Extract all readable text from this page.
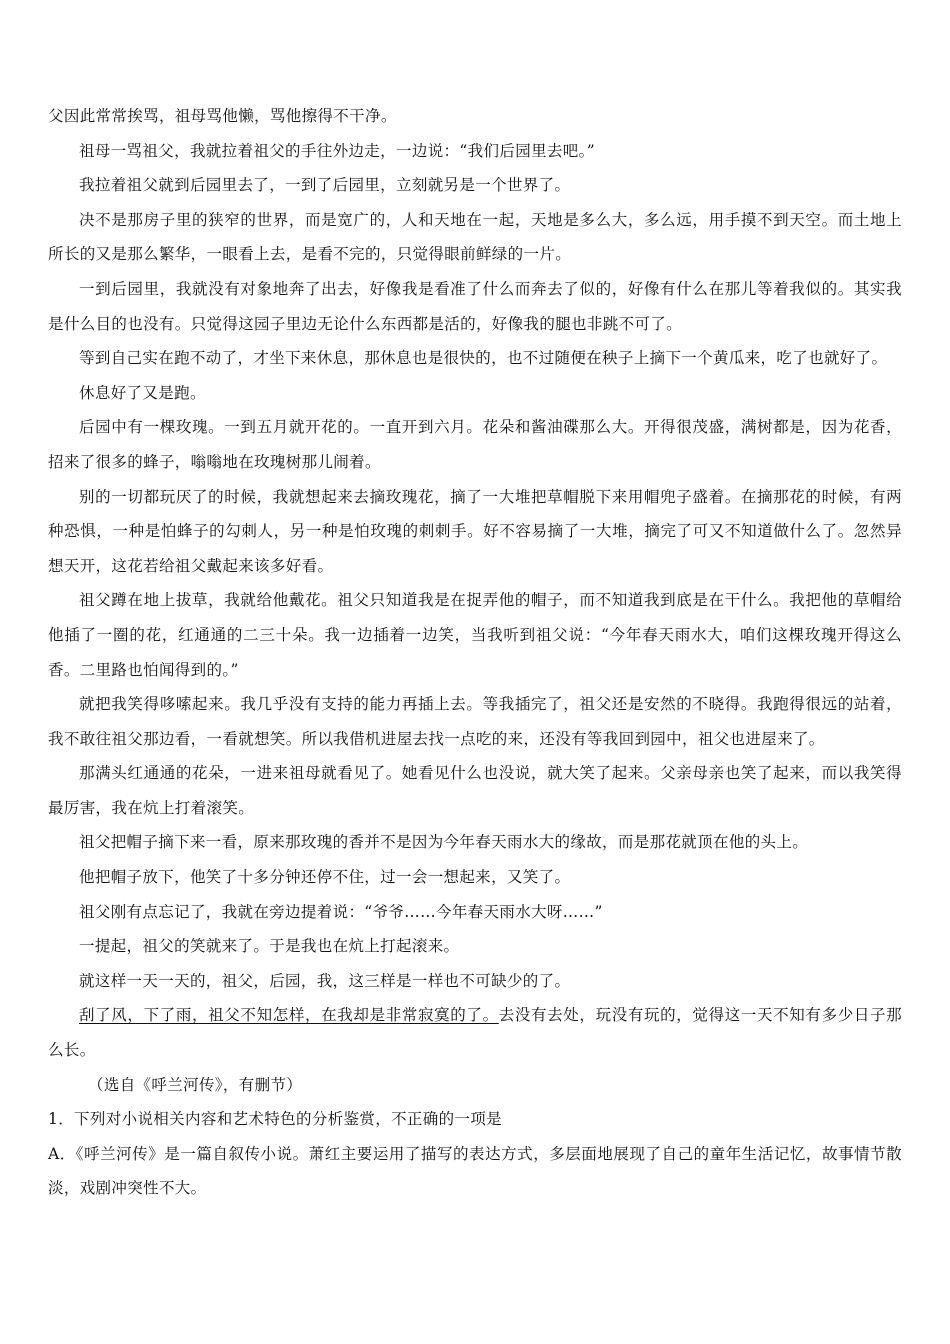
父因此常常挨骂，祖母骂他懒，骂他擦得不干净。

祖母一骂祖父，我就拉着祖父的手往外边走，一边说：“我们后园里去吧。”

我拉着祖父就到后园里去了，一到了后园里，立刻就另是一个世界了。

决不是那房子里的狭窄的世界，而是宽广的，人和天地在一起，天地是多么大，多么远，用手摸不到天空。而土地上所长的又是那么繁华，一眼看上去，是看不完的，只觉得眼前鲜绿的一片。

一到后园里，我就没有对象地奔了出去，好像我是看准了什么而奔去了似的，好像有什么在那儿等着我似的。其实我是什么目的也没有。只觉得这园子里边无论什么东西都是活的，好像我的腿也非跳不可了。

等到自己实在跑不动了，才坐下来休息，那休息也是很快的，也不过随便在秧子上摘下一个黄瓜来，吃了也就好了。

休息好了又是跑。

后园中有一棵玫瑰。一到五月就开花的。一直开到六月。花朵和酱油碟那么大。开得很茂盛，满树都是，因为花香，招来了很多的蜂子，嗡嗡地在玫瑰树那儿闹着。

别的一切都玩厌了的时候，我就想起来去摘玫瑰花，摘了一大堆把草帽脱下来用帽兜子盛着。在摘那花的时候，有两种恐惧，一种是怕蜂子的勾刺人，另一种是怕玫瑰的刺刺手。好不容易摘了一大堆，摘完了可又不知道做什么了。忽然异想天开，这花若给祖父戴起来该多好看。

祖父蹲在地上拔草，我就给他戴花。祖父只知道我是在捉弄他的帽子，而不知道我到底是在干什么。我把他的草帽给他插了一圈的花，红通通的二三十朵。我一边插着一边笑，当我听到祖父说：“今年春天雨水大，咱们这棵玫瑰开得这么香。二里路也怕闻得到的。”

就把我笑得哆嗦起来。我几乎没有支持的能力再插上去。等我插完了，祖父还是安然的不晓得。我跑得很远的站着，我不敢往祖父那边看，一看就想笑。所以我借机进屋去找一点吃的来，还没有等我回到园中，祖父也进屋来了。

那满头红通通的花朵，一进来祖母就看见了。她看见什么也没说，就大笑了起来。父亲母亲也笑了起来，而以我笑得最厉害，我在炕上打着滚笑。

祖父把帽子摘下来一看，原来那玫瑰的香并不是因为今年春天雨水大的缘故，而是那花就顶在他的头上。

他把帽子放下，他笑了十多分钟还停不住，过一会一想起来，又笑了。

祖父刚有点忘记了，我就在旁边提着说：“爷爷……今年春天雨水大呀……”

一提起，祖父的笑就来了。于是我也在炕上打起滚来。

就这样一天一天的，祖父，后园，我，这三样是一样也不可缺少的了。

刮了风，下了雨，祖父不知怎样，在我却是非常寂寞的了。去没有去处，玩没有玩的，觉得这一天不知有多少日子那么长。

（选自《呼兰河传》，有删节）

1．下列对小说相关内容和艺术特色的分析鉴赏，不正确的一项是

A．《呼兰河传》是一篇自叙传小说。萧红主要运用了描写的表达方式，多层面地展现了自己的童年生活记忆，故事情节散淡，戏剧冲突性不大。
